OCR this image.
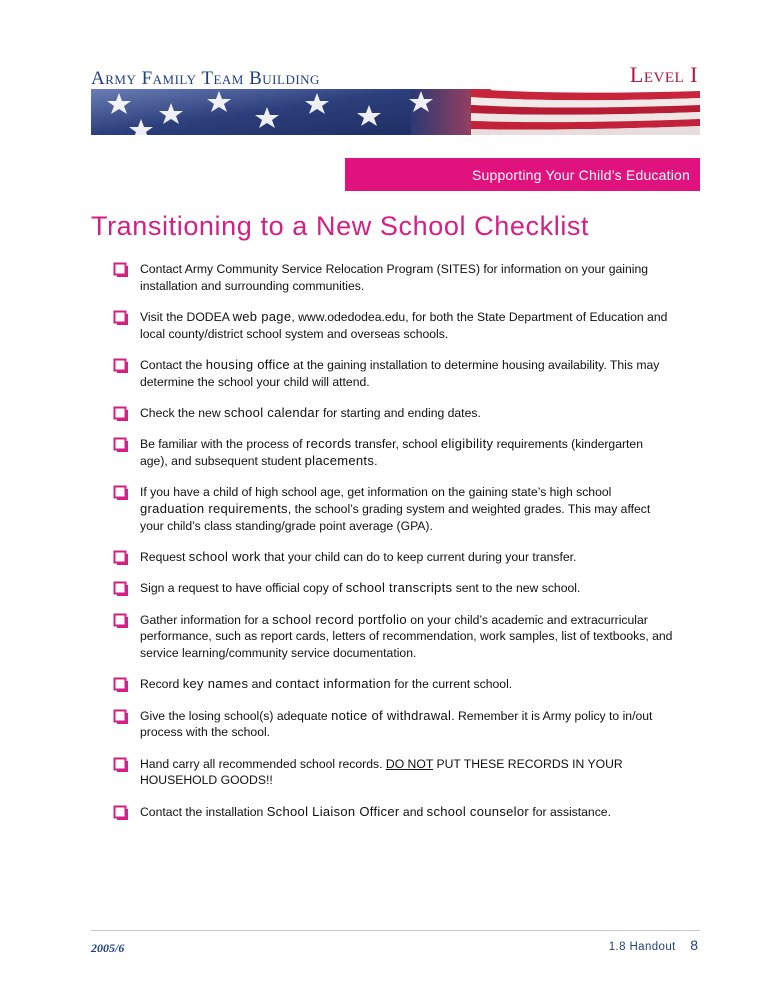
Army Family Team Building	Level I
Supporting Your Child’s Education
Transitioning to a New School Checklist
Contact Army Community Service Relocation Program (SITES) for information on your gaining installation and surrounding communities.
Visit the DODEA web page, www.odedodea.edu, for both the State Department of Education and local county/district school system and overseas schools.
Contact the housing office at the gaining installation to determine housing availability. This may determine the school your child will attend.
Check the new school calendar for starting and ending dates.
Be familiar with the process of records transfer, school eligibility requirements (kindergarten age), and subsequent student placements.
If you have a child of high school age, get information on the gaining state’s high school graduation requirements, the school’s grading system and weighted grades. This may affect your child’s class standing/grade point average (GPA).
Request school work that your child can do to keep current during your transfer.
Sign a request to have official copy of school transcripts sent to the new school.
Gather information for a school record portfolio on your child’s academic and extracurricular performance, such as report cards, letters of recommendation, work samples, list of textbooks, and service learning/community service documentation.
Record key names and contact information for the current school.
Give the losing school(s) adequate notice of withdrawal. Remember it is Army policy to in/out process with the school.
Hand carry all recommended school records. DO NOT PUT THESE RECORDS IN YOUR HOUSEHOLD GOODS!!
Contact the installation School Liaison Officer and school counselor for assistance.
2005/6	1.8 Handout 8
